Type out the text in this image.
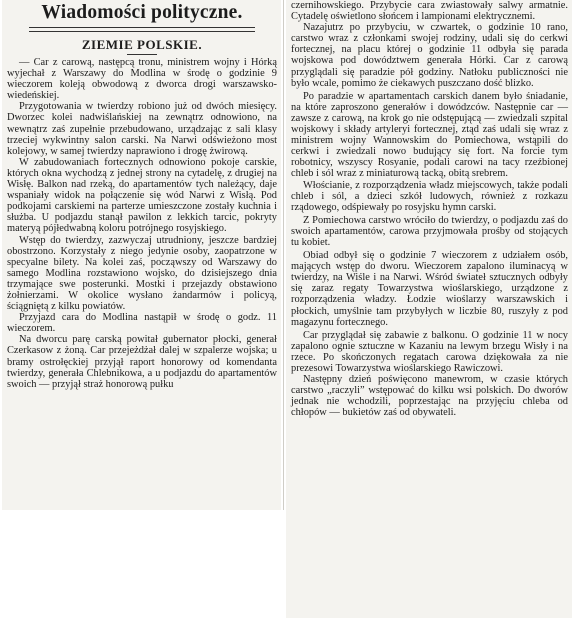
Wiadomości polityczne.
ZIEMIE POLSKIE.

— Car z carową, następcą tronu, ministrem wojny i Hórką wyjechał z Warszawy do Modlina w środę o godzinie 9 wieczorem koleją obwodową z dworca drogi warszawsko-wiedeńskiej.

Przygotowania w twierdzy robiono już od dwóch miesięcy. Dworzec kolei nadwiślańskiej na zewnątrz odnowiono, na wewnątrz zaś zupełnie przebudowano, urządzając z sali klasy trzeciej wykwintny salon carski. Na Narwi odświeżono most kolejowy, w samej twierdzy naprawiono i drogę żwirową.

W zabudowaniach fortecznych odnowiono pokoje carskie, których okna wychodzą z jednej strony na cytadelę, z drugiej na Wisłę. Balkon nad rzeką, do apartamentów tych należący, daje wspaniały widok na połączenie się wód Narwi z Wisłą. Pod podkojami carskiemi na parterze umieszczone zostały kuchnia i służba. U podjazdu stanął pawilon z lekkich tarcic, pokryty materyą pójłedwabną koloru potrójnego rosyjskiego.

Wstęp do twierdzy, zazwyczaj utrudniony, jeszcze bardziej obostrzono. Korzystały z niego jedynie osoby, zaopatrzone w specyalne bilety. Na kolei zaś, począwszy od Warszawy do samego Modlina rozstawiono wojsko, do dzisiejszego dnia trzymające swe posterunki. Mostki i przejazdy obstawiono żołnierzami. W okolice wysłano żandarmów i policyą, ściągniętą z kilku powiatów.

Przyjazd cara do Modlina nastąpił w środę o godz. 11 wieczorem.

Na dworcu parę carską powitał gubernator płocki, generał Czerkasow z żoną. Car przejeżdżał dalej w szpalerze wojska; u bramy ostrołęckiej przyjął raport honorowy od komendanta twierdzy, generała Chlebnikowa, a u podjazdu do apartamentów swoich — przyjął straż honorową pułku

czernihowskiego. Przybycie cara zwiastowały salwy armatnie. Cytadelę oświetlono słońcem i lampionami elektrycznemi.

Nazajutrz po przybyciu, w czwartek, o godzinie 10 rano, carstwo wraz z członkami swojej rodziny, udali się do cerkwi fortecznej, na placu której o godzinie 11 odbyła się parada wojskowa pod dowództwem generała Hórki. Car z carową przyglądali się paradzie pół godziny. Natłoku publiczności nie było wcale, pomimo że ciekawych puszczano dość blizko.

Po paradzie w apartamentach carskich danem było śniadanie, na które zaproszono generałów i dowódzców. Następnie car — zawsze z carową, na krok go nie odstępującą — zwiedzali szpital wojskowy i składy artyleryi fortecznej, ztąd zaś udali się wraz z ministrem wojny Wannowskim do Pomiechowa, wstąpili do cerkwi i zwiedzali nowo budujący się fort. Na forcie tym robotnicy, wszyscy Rosyanie, podali carowi na tacy rzeźbionej chleb i sól wraz z miniaturową tacką, obitą srebrem.

Włościanie, z rozporządzenia władz miejscowych, także podali chleb i sól, a dzieci szkół ludowych, również z rozkazu rządowego, odśpiewały po rosyjsku hymn carski.

Z Pomiechowa carstwo wróciło do twierdzy, o podjazdu zaś do swoich apartamentów, carowa przyjmowała prośby od stojących tu kobiet.

Obiad odbył się o godzinie 7 wieczorem z udziałem osób, mających wstęp do dworu. Wieczorem zapalono iluminacyą w twierdzy, na Wiśle i na Narwi. Wśród świateł sztucznych odbyły się zaraz regaty Towarzystwa wioślarskiego, urządzone z rozporządzenia władzy. Łodzie wioślarzy warszawskich i płockich, umyślnie tam przybyłych w liczbie 80, ruszyły z pod magazynu fortecznego.

Car przyglądał się zabawie z balkonu. O godzinie 11 w nocy zapalono ognie sztuczne w Kazaniu na lewym brzegu Wisły i na rzece. Po skończonych regatach carowa dziękowała za nie prezesowi Towarzystwa wioślarskiego Rawiczowi.

Następny dzień poświęcono manewrom, w czasie których carstwo „raczyli” wstępować do kilku wsi polskich. Do dworów jednak nie wchodzili, poprzestając na przyjęciu chleba od chłopów — bukietów zaś od obywateli.
